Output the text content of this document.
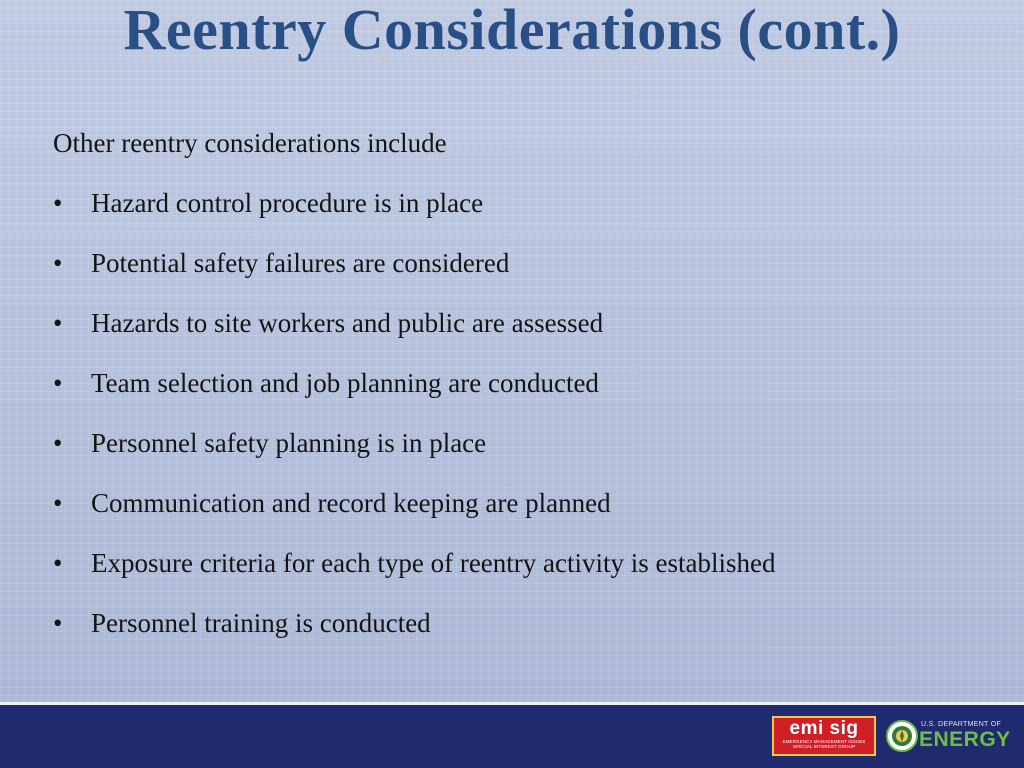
Reentry Considerations (cont.)

Other reentry considerations include

• Hazard control procedure is in place
• Potential safety failures are considered
• Hazards to site workers and public are assessed
• Team selection and job planning are conducted
• Personnel safety planning is in place
• Communication and record keeping are planned
• Exposure criteria for each type of reentry activity is established
• Personnel training is conducted
emi sig
EMERGENCY MANAGEMENT ISSUES
SPECIAL INTEREST GROUP
U.S. DEPARTMENT OF
ENERGY
